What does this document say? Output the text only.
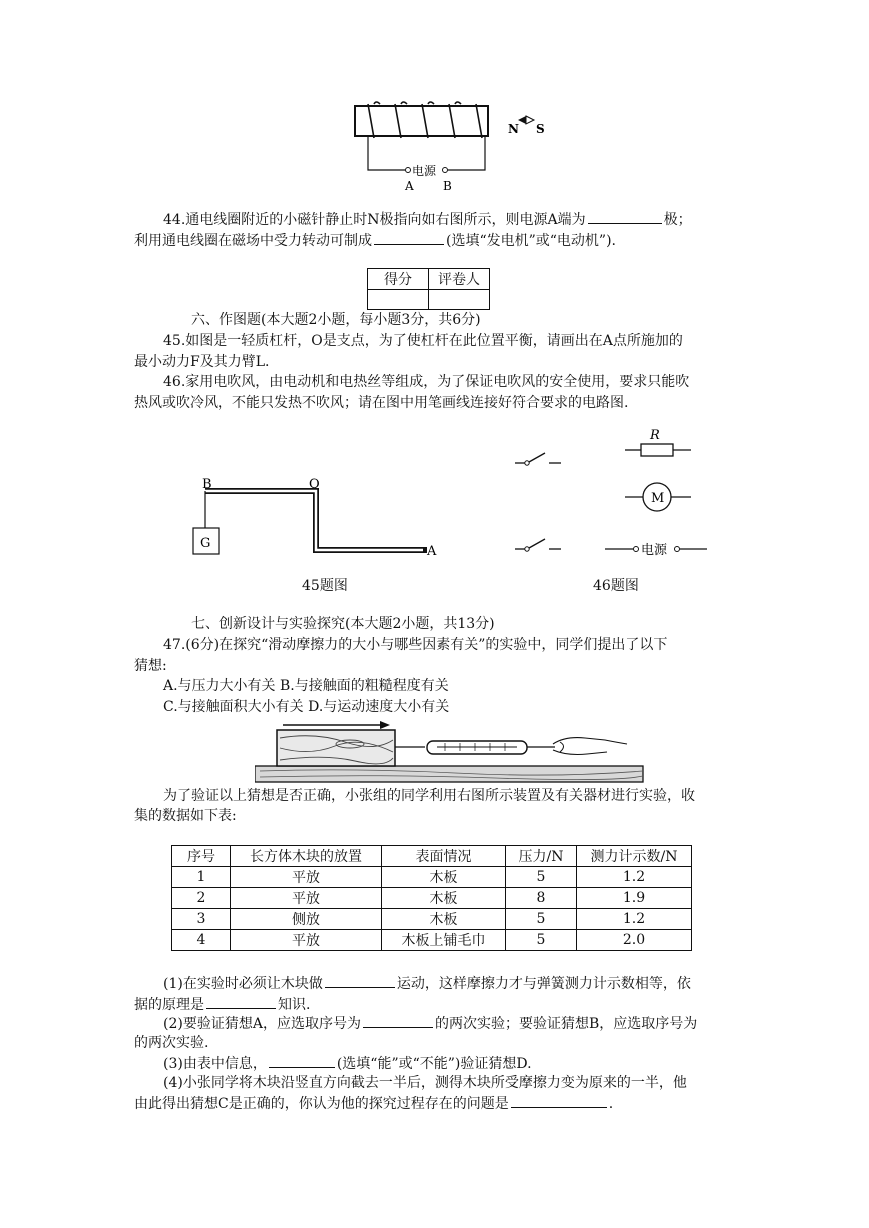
电源
A B
N S
44.通电线圈附近的小磁针静止时N极指向如右图所示，则电源A端为	极；
利用通电线圈在磁场中受力转动可制成	(选填“发电机”或“电动机”).
得分	评卷人

六、作图题(本大题2小题，每小题3分，共6分)
45.如图是一轻质杠杆，O是支点，为了使杠杆在此位置平衡，请画出在A点所施加的
最小动力F及其力臂L.
46.家用电吹风，由电动机和电热丝等组成，为了保证电吹风的安全使用，要求只能吹
热风或吹冷风，不能只发热不吹风；请在图中用笔画线连接好符合要求的电路图.
B	O
G
A
45题图
R
M
电源
46题图
七、创新设计与实验探究(本大题2小题，共13分)
47.(6分)在探究“滑动摩擦力的大小与哪些因素有关”的实验中，同学们提出了以下
猜想:
A.与压力大小有关 B.与接触面的粗糙程度有关
C.与接触面积大小有关 D.与运动速度大小有关
为了验证以上猜想是否正确，小张组的同学利用右图所示装置及有关器材进行实验，收
集的数据如下表:
序号	长方体木块的放置	表面情况	压力/N	测力计示数/N
1	平放	木板	5	1.2
2	平放	木板	8	1.9
3	侧放	木板	5	1.2
4	平放	木板上铺毛巾	5	2.0
(1)在实验时必须让木块做	运动，这样摩擦力才与弹簧测力计示数相等，依
据的原理是	知识.
(2)要验证猜想A，应选取序号为	的两次实验；要验证猜想B，应选取序号为
的两次实验.
(3)由表中信息，	(选填“能”或“不能”)验证猜想D.
(4)小张同学将木块沿竖直方向截去一半后，测得木块所受摩擦力变为原来的一半，他
由此得出猜想C是正确的，你认为他的探究过程存在的问题是	.
